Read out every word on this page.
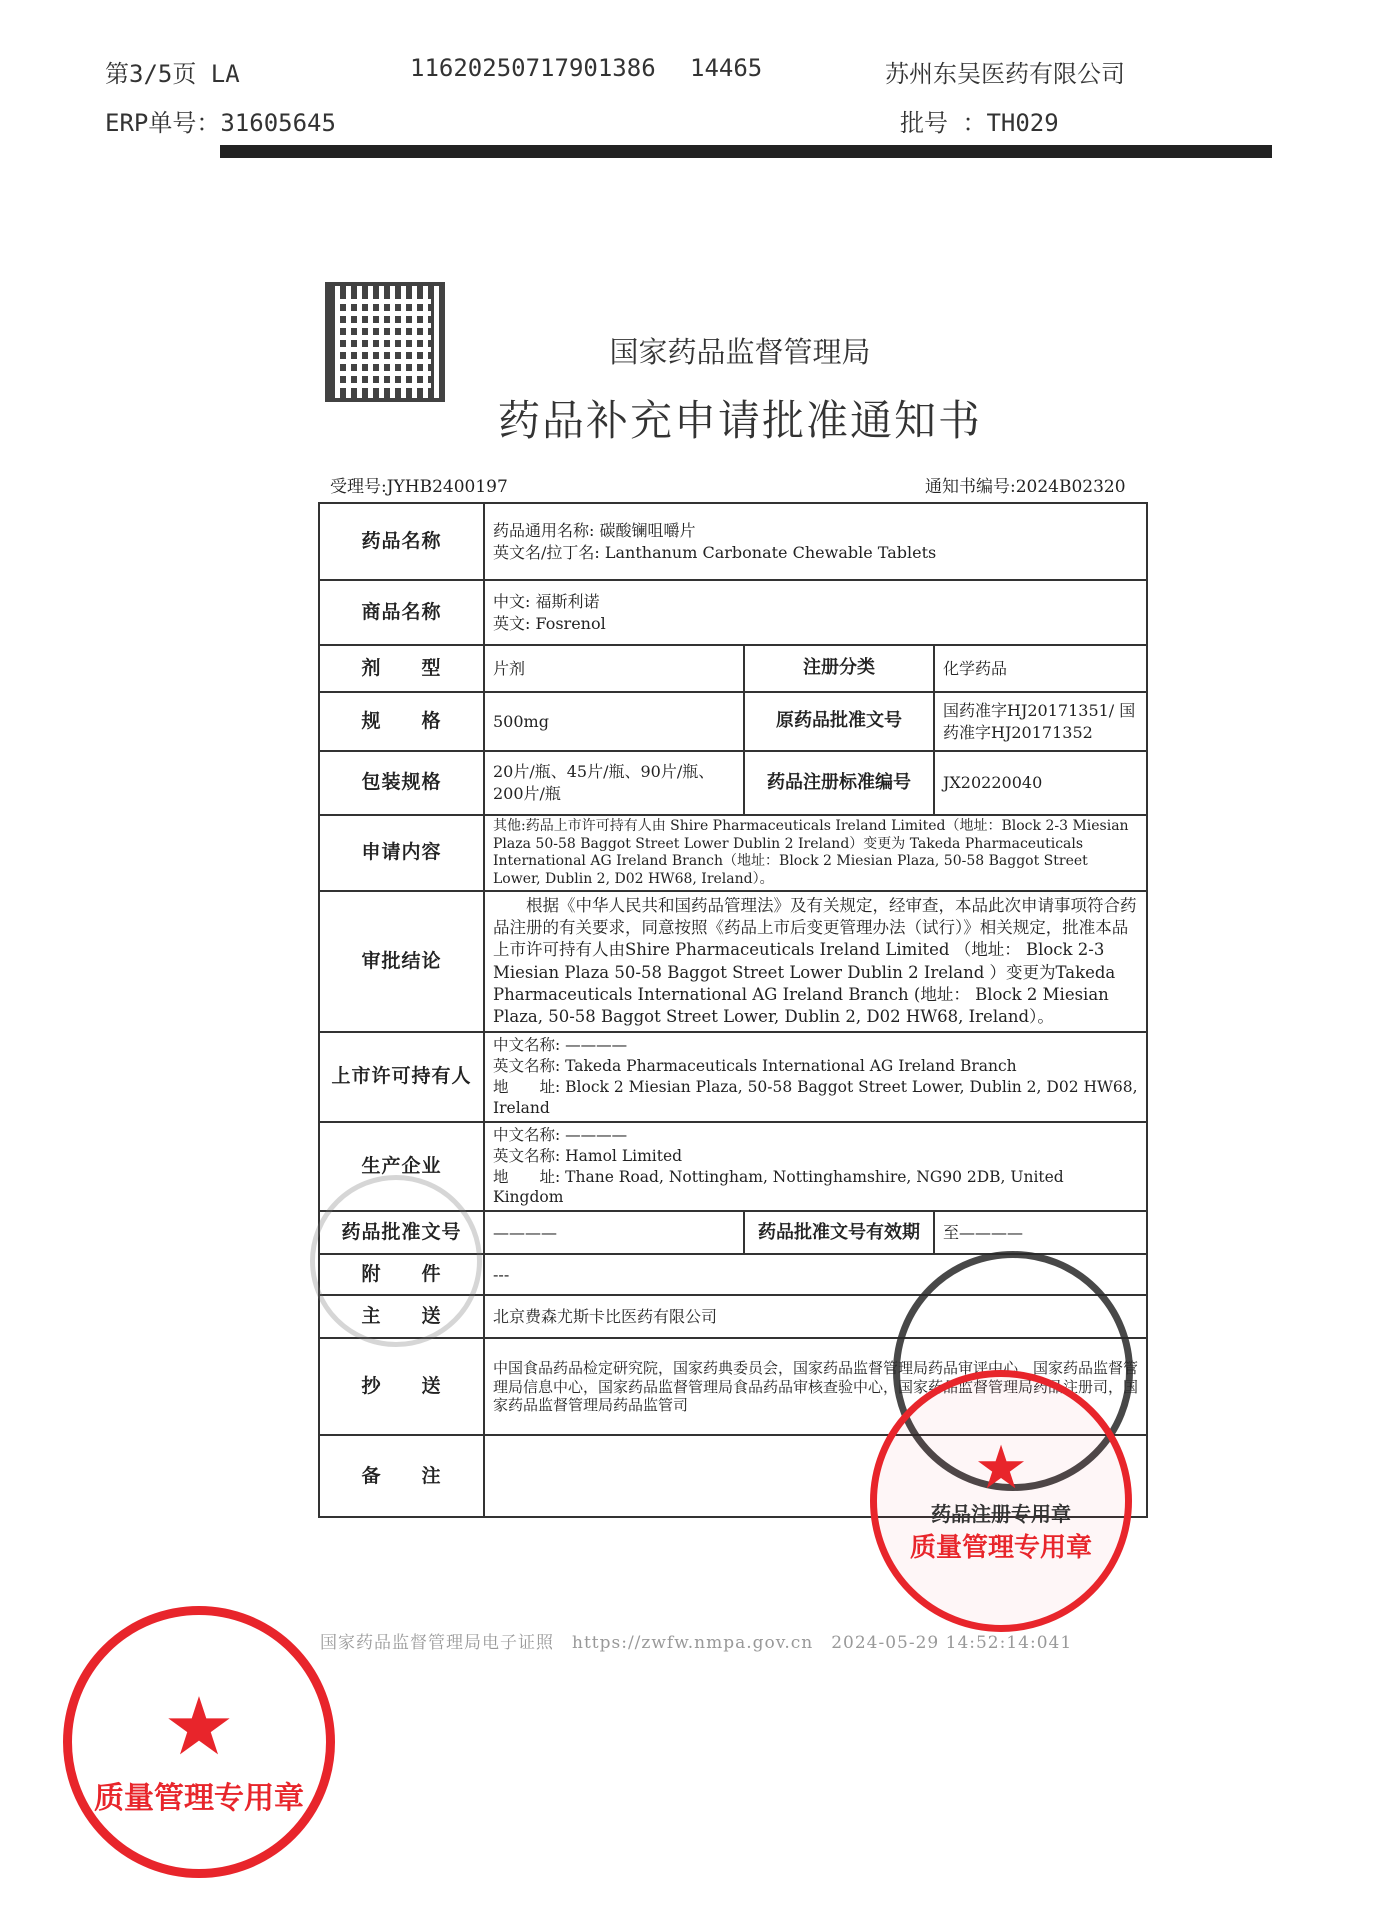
第3/5页 LA	11620250717901386 14465	苏州东吴医药有限公司
ERP单号：31605645	批号 ：TH029
国家药品监督管理局
药品补充申请批准通知书
受理号:JYHB2400197	通知书编号:2024B02320
药品名称	药品通用名称: 碳酸镧咀嚼片
英文名/拉丁名: Lanthanum Carbonate Chewable Tablets		

商品名称	中文: 福斯利诺
英文: Fosrenol		

剂　　型	片剂	注册分类	化学药品
规　　格	500mg	原药品批准文号	国药准字HJ20171351/ 国药准字HJ20171352
包装规格	20片/瓶、45片/瓶、90片/瓶、200片/瓶	药品注册标准编号	JX20220040
申请内容	其他:药品上市许可持有人由 Shire Pharmaceuticals Ireland Limited（地址：Block 2-3 Miesian Plaza 50-58 Baggot Street Lower Dublin 2 Ireland）变更为 Takeda Pharmaceuticals International AG Ireland Branch（地址：Block 2 Miesian Plaza, 50-58 Baggot Street Lower, Dublin 2, D02 HW68, Ireland）。		
审批结论	根据《中华人民共和国药品管理法》及有关规定，经审查，本品此次申请事项符合药品注册的有关要求，同意按照《药品上市后变更管理办法（试行）》相关规定，批准本品上市许可持有人由Shire Pharmaceuticals Ireland Limited （地址： Block 2-3 Miesian Plaza 50-58 Baggot Street Lower Dublin 2 Ireland ）变更为Takeda Pharmaceuticals International AG Ireland Branch (地址： Block 2 Miesian Plaza, 50-58 Baggot Street Lower, Dublin 2, D02 HW68, Ireland）。		
上市许可持有人	中文名称: ————
英文名称: Takeda Pharmaceuticals International AG Ireland Branch
地　　址: Block 2 Miesian Plaza, 50-58 Baggot Street Lower, Dublin 2, D02 HW68, Ireland		

生产企业	中文名称: ————
英文名称: Hamol Limited
地　　址: Thane Road, Nottingham, Nottinghamshire, NG90 2DB, United Kingdom		

药品批准文号	————	药品批准文号有效期	至————
附　　件	---		
主　　送	北京费森尤斯卡比医药有限公司		
抄　　送	中国食品药品检定研究院，国家药典委员会，国家药品监督管理局药品审评中心，国家药品监督管理局信息中心，国家药品监督管理局食品药品审核查验中心，国家药品监督管理局药品注册司，国家药品监督管理局药品监管司		
备　　注			
国家药品监督管理局电子证照　https://zwfw.nmpa.gov.cn　2024-05-29 14:52:14:041
★
药品注册专用章
质量管理专用章
★
质量管理专用章
